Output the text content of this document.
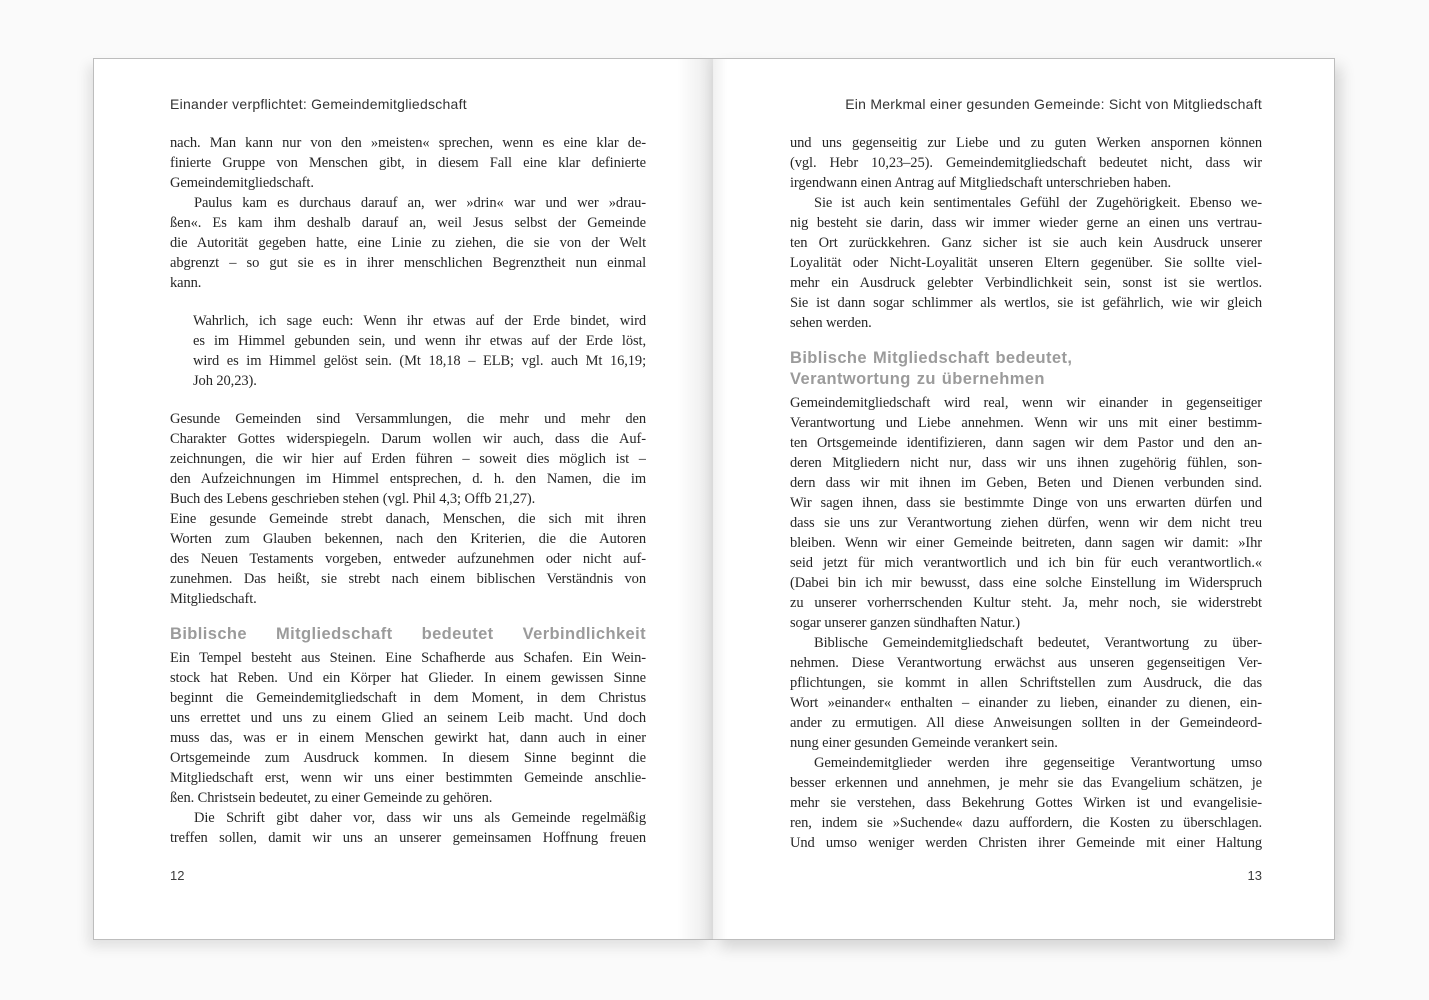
Einander verpflichtet: Gemeindemitgliedschaft
nach. Man kann nur von den »meisten« sprechen, wenn es eine klar de-
finierte Gruppe von Menschen gibt, in diesem Fall eine klar definierte
Gemeindemitgliedschaft.
Paulus kam es durchaus darauf an, wer »drin« war und wer »drau-
ßen«. Es kam ihm deshalb darauf an, weil Jesus selbst der Gemeinde
die Autorität gegeben hatte, eine Linie zu ziehen, die sie von der Welt
abgrenzt – so gut sie es in ihrer menschlichen Begrenztheit nun einmal
kann.
Wahrlich, ich sage euch: Wenn ihr etwas auf der Erde bindet, wird
es im Himmel gebunden sein, und wenn ihr etwas auf der Erde löst,
wird es im Himmel gelöst sein. (Mt 18,18 – ELB; vgl. auch Mt 16,19;
Joh 20,23).
Gesunde Gemeinden sind Versammlungen, die mehr und mehr den
Charakter Gottes widerspiegeln. Darum wollen wir auch, dass die Auf-
zeichnungen, die wir hier auf Erden führen – soweit dies möglich ist –
den Aufzeichnungen im Himmel entsprechen, d. h. den Namen, die im
Buch des Lebens geschrieben stehen (vgl. Phil 4,3; Offb 21,27).
Eine gesunde Gemeinde strebt danach, Menschen, die sich mit ihren
Worten zum Glauben bekennen, nach den Kriterien, die die Autoren
des Neuen Testaments vorgeben, entweder aufzunehmen oder nicht auf-
zunehmen. Das heißt, sie strebt nach einem biblischen Verständnis von
Mitgliedschaft.
Biblische Mitgliedschaft bedeutet Verbindlichkeit
Ein Tempel besteht aus Steinen. Eine Schafherde aus Schafen. Ein Wein-
stock hat Reben. Und ein Körper hat Glieder. In einem gewissen Sinne
beginnt die Gemeindemitgliedschaft in dem Moment, in dem Christus
uns errettet und uns zu einem Glied an seinem Leib macht. Und doch
muss das, was er in einem Menschen gewirkt hat, dann auch in einer
Ortsgemeinde zum Ausdruck kommen. In diesem Sinne beginnt die
Mitgliedschaft erst, wenn wir uns einer bestimmten Gemeinde anschlie-
ßen. Christsein bedeutet, zu einer Gemeinde zu gehören.
Die Schrift gibt daher vor, dass wir uns als Gemeinde regelmäßig
treffen sollen, damit wir uns an unserer gemeinsamen Hoffnung freuen
12
Ein Merkmal einer gesunden Gemeinde: Sicht von Mitgliedschaft
und uns gegenseitig zur Liebe und zu guten Werken anspornen können
(vgl. Hebr 10,23–25). Gemeindemitgliedschaft bedeutet nicht, dass wir
irgendwann einen Antrag auf Mitgliedschaft unterschrieben haben.
Sie ist auch kein sentimentales Gefühl der Zugehörigkeit. Ebenso we-
nig besteht sie darin, dass wir immer wieder gerne an einen uns vertrau-
ten Ort zurückkehren. Ganz sicher ist sie auch kein Ausdruck unserer
Loyalität oder Nicht-Loyalität unseren Eltern gegenüber. Sie sollte viel-
mehr ein Ausdruck gelebter Verbindlichkeit sein, sonst ist sie wertlos.
Sie ist dann sogar schlimmer als wertlos, sie ist gefährlich, wie wir gleich
sehen werden.
Biblische Mitgliedschaft bedeutet,
Verantwortung zu übernehmen
Gemeindemitgliedschaft wird real, wenn wir einander in gegenseitiger
Verantwortung und Liebe annehmen. Wenn wir uns mit einer bestimm-
ten Ortsgemeinde identifizieren, dann sagen wir dem Pastor und den an-
deren Mitgliedern nicht nur, dass wir uns ihnen zugehörig fühlen, son-
dern dass wir mit ihnen im Geben, Beten und Dienen verbunden sind.
Wir sagen ihnen, dass sie bestimmte Dinge von uns erwarten dürfen und
dass sie uns zur Verantwortung ziehen dürfen, wenn wir dem nicht treu
bleiben. Wenn wir einer Gemeinde beitreten, dann sagen wir damit: »Ihr
seid jetzt für mich verantwortlich und ich bin für euch verantwortlich.«
(Dabei bin ich mir bewusst, dass eine solche Einstellung im Widerspruch
zu unserer vorherrschenden Kultur steht. Ja, mehr noch, sie widerstrebt
sogar unserer ganzen sündhaften Natur.)
Biblische Gemeindemitgliedschaft bedeutet, Verantwortung zu über-
nehmen. Diese Verantwortung erwächst aus unseren gegenseitigen Ver-
pflichtungen, sie kommt in allen Schriftstellen zum Ausdruck, die das
Wort »einander« enthalten – einander zu lieben, einander zu dienen, ein-
ander zu ermutigen. All diese Anweisungen sollten in der Gemeindeord-
nung einer gesunden Gemeinde verankert sein.
Gemeindemitglieder werden ihre gegenseitige Verantwortung umso
besser erkennen und annehmen, je mehr sie das Evangelium schätzen, je
mehr sie verstehen, dass Bekehrung Gottes Wirken ist und evangelisie-
ren, indem sie »Suchende« dazu auffordern, die Kosten zu überschlagen.
Und umso weniger werden Christen ihrer Gemeinde mit einer Haltung
13
